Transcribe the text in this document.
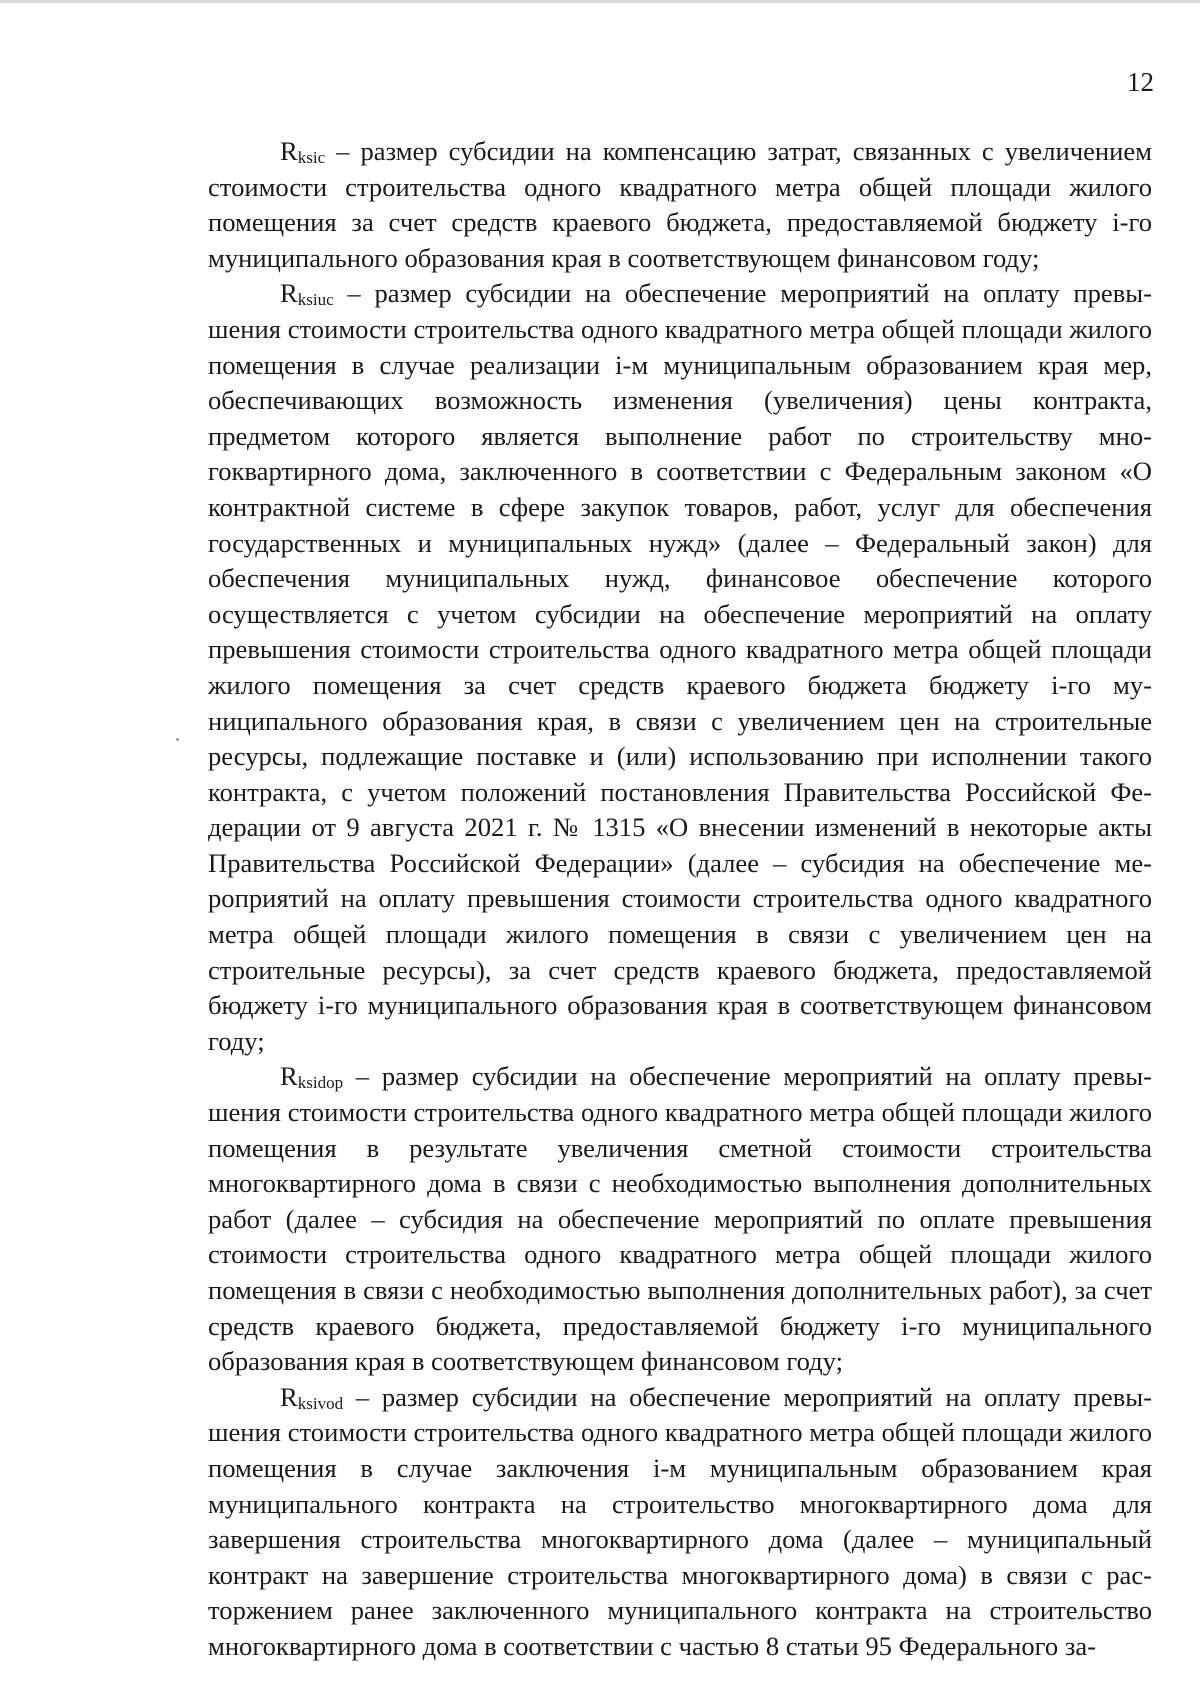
12

$R_{ksic}$ – размер субсидии на компенсацию затрат, связанных с увеличением стоимости строительства одного квадратного метра общей площади жилого помещения за счет средств краевого бюджета, предоставляемой бюджету i-го муниципального образования края в соответствующем финансовом году;

$R_{ksiuc}$ – размер субсидии на обеспечение мероприятий на оплату превышения стоимости строительства одного квадратного метра общей площади жилого помещения в случае реализации i-м муниципальным образованием края мер, обеспечивающих возможность изменения (увеличения) цены контракта, предметом которого является выполнение работ по строительству многоквартирного дома, заключенного в соответствии с Федеральным законом «О контрактной системе в сфере закупок товаров, работ, услуг для обеспечения государственных и муниципальных нужд» (далее – Федеральный закон) для обеспечения муниципальных нужд, финансовое обеспечение которого осуществляется с учетом субсидии на обеспечение мероприятий на оплату превышения стоимости строительства одного квадратного метра общей площади жилого помещения за счет средств краевого бюджета бюджету i-го муниципального образования края, в связи с увеличением цен на строительные ресурсы, подлежащие поставке и (или) использованию при исполнении такого контракта, с учетом положений постановления Правительства Российской Федерации от 9 августа 2021 г. № 1315 «О внесении изменений в некоторые акты Правительства Российской Федерации» (далее – субсидия на обеспечение мероприятий на оплату превышения стоимости строительства одного квадратного метра общей площади жилого помещения в связи с увеличением цен на строительные ресурсы), за счет средств краевого бюджета, предоставляемой бюджету i-го муниципального образования края в соответствующем финансовом году;

$R_{ksidop}$ – размер субсидии на обеспечение мероприятий на оплату превышения стоимости строительства одного квадратного метра общей площади жилого помещения в результате увеличения сметной стоимости строительства многоквартирного дома в связи с необходимостью выполнения дополнительных работ (далее – субсидия на обеспечение мероприятий по оплате превышения стоимости строительства одного квадратного метра общей площади жилого помещения в связи с необходимостью выполнения дополнительных работ), за счет средств краевого бюджета, предоставляемой бюджету i-го муниципального образования края в соответствующем финансовом году;

$R_{ksivod}$ – размер субсидии на обеспечение мероприятий на оплату превышения стоимости строительства одного квадратного метра общей площади жилого помещения в случае заключения i-м муниципальным образованием края муниципального контракта на строительство многоквартирного дома для завершения строительства многоквартирного дома (далее – муниципальный контракт на завершение строительства многоквартирного дома) в связи с расторжением ранее заключенного муниципального контракта на строительство многоквартирного дома в соответствии с частью 8 статьи 95 Федерального за-
